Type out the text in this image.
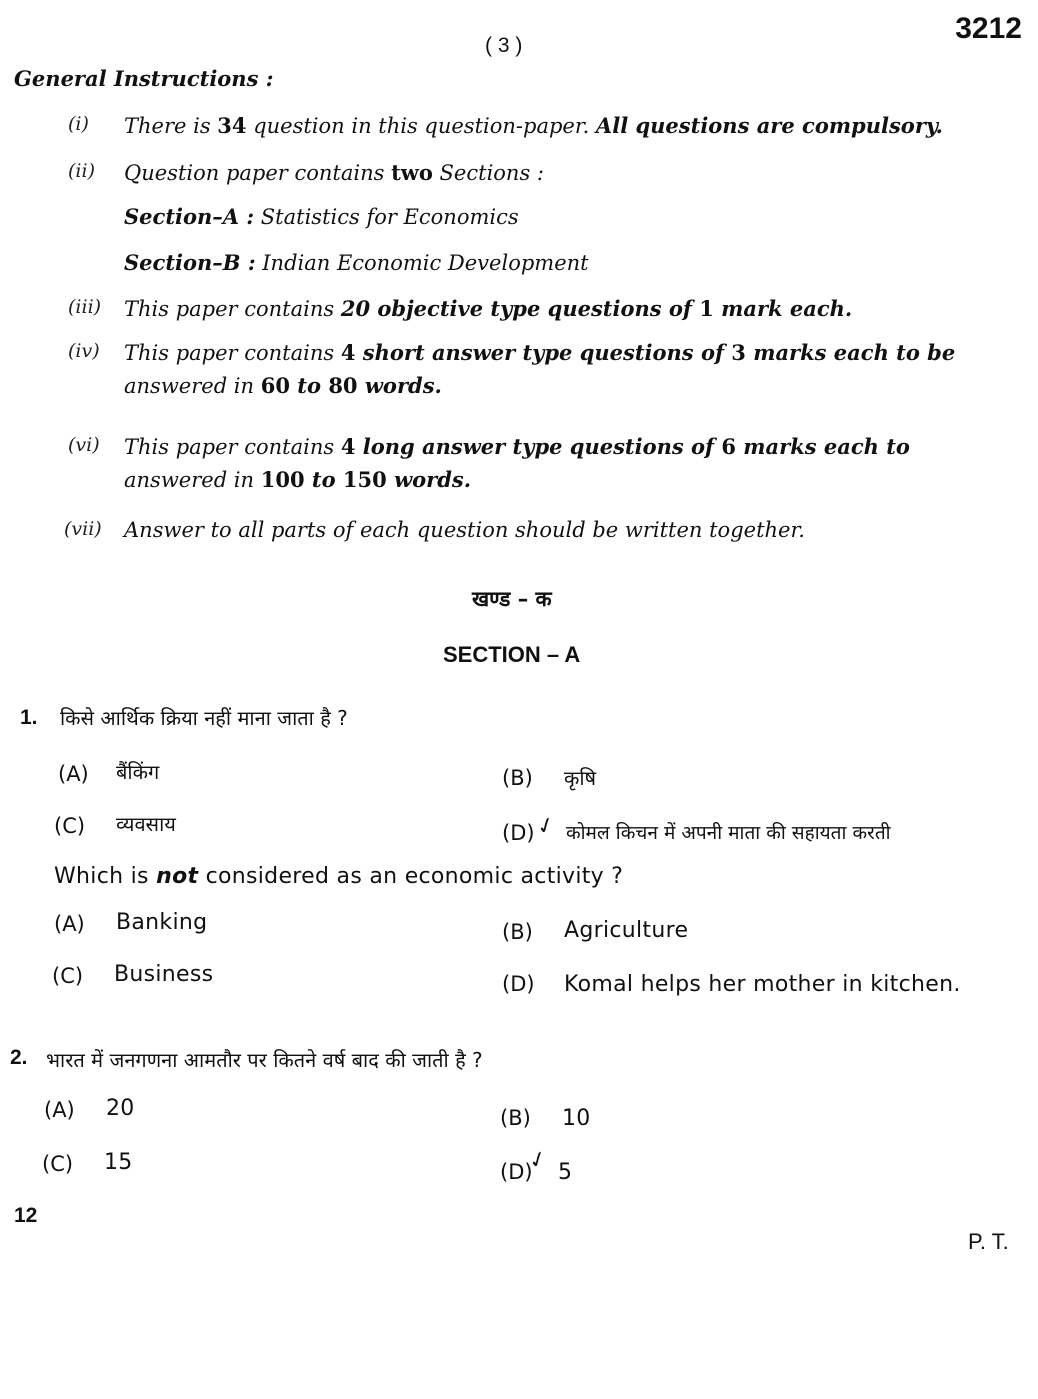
( 3 )
3212
General Instructions :
(i) There is 34 question in this question-paper. All questions are compulsory.
(ii) Question paper contains two Sections :
Section–A : Statistics for Economics
Section–B : Indian Economic Development
(iii) This paper contains 20 objective type questions of 1 mark each.
(iv) This paper contains 4 short answer type questions of 3 marks each to be
answered in 60 to 80 words.
(vi) This paper contains 4 long answer type questions of 6 marks each to
answered in 100 to 150 words.
(vii) Answer to all parts of each question should be written together.
खण्ड – क
SECTION – A
1. किसे आर्थिक क्रिया नहीं माना जाता है ?
(A) बैंकिंग	(B) कृषि
(C) व्यवसाय	(D)
✓ कोमल किचन में अपनी माता की सहायता करती
Which is not considered as an economic activity ?
(A) Banking	(B) Agriculture
(C) Business	(D) Komal helps her mother in kitchen.
2. भारत में जनगणना आमतौर पर कितने वर्ष बाद की जाती है ?
(A) 20	(B) 10
(C) 15	(D)
✓ 5
12
P. T.
